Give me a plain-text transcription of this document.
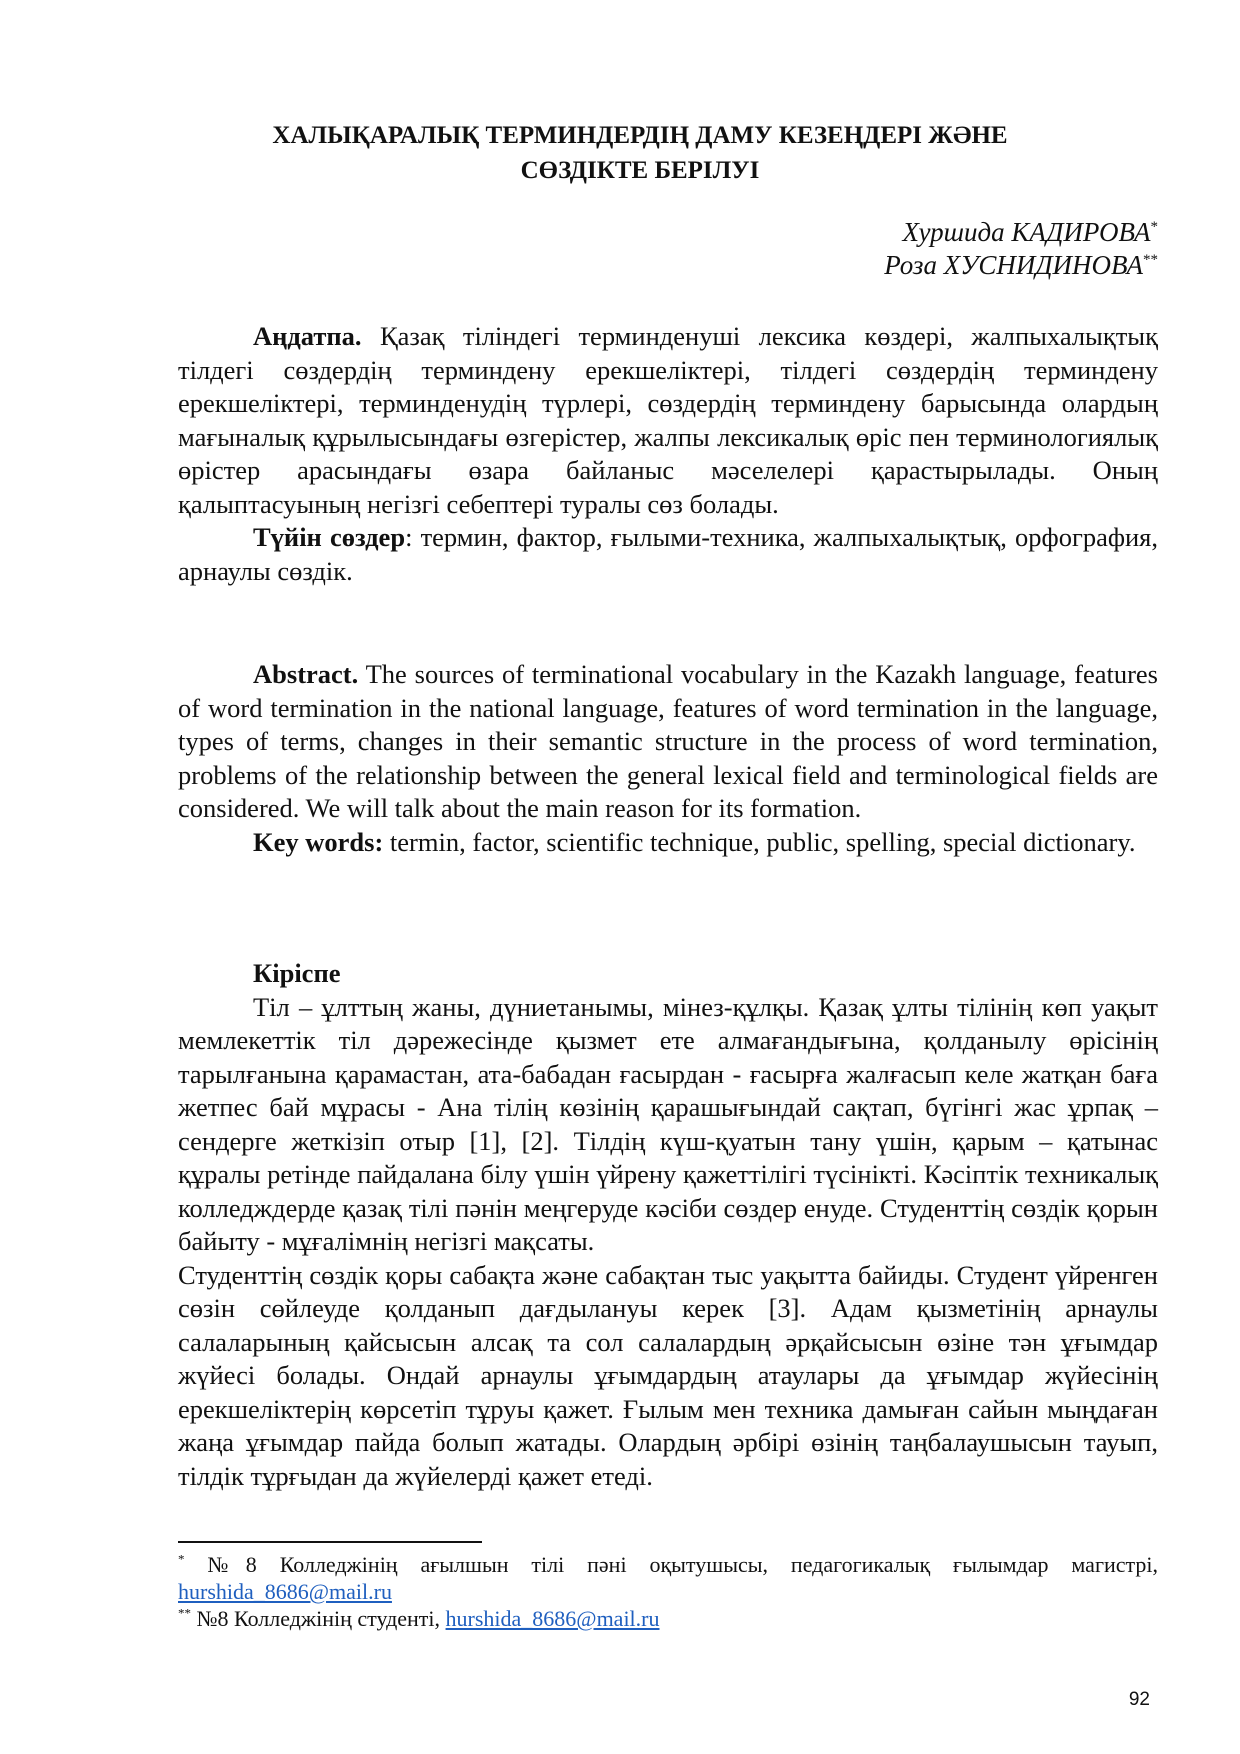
ХАЛЫҚАРАЛЫҚ ТЕРМИНДЕРДІҢ ДАМУ КЕЗЕҢДЕРІ ЖӘНЕ
СӨЗДІКТЕ БЕРІЛУІ
Хуршида КАДИРОВА*
Роза ХУСНИДИНОВА**

Аңдатпа. Қазақ тіліндегі терминденуші лексика көздері, жалпыхалықтық тілдегі сөздердің терминдену ерекшеліктері, тілдегі сөздердің терминдену ерекшеліктері, терминденудің түрлері, сөздердің терминдену барысында олардың мағыналық құрылысындағы өзгерістер, жалпы лексикалық өріс пен терминологиялық өрістер арасындағы өзара байланыс мәселелері қарастырылады. Оның қалыптасуының негізгі себептері туралы сөз болады.

Түйін сөздер: термин, фактор, ғылыми-техника, жалпыхалықтық, орфография, арнаулы сөздік.

Abstract. The sources of terminational vocabulary in the Kazakh language, features of word termination in the national language, features of word termination in the language, types of terms, changes in their semantic structure in the process of word termination, problems of the relationship between the general lexical field and terminological fields are considered. We will talk about the main reason for its formation.

Key words: termin, factor, scientific technique, public, spelling, special dictionary.

Кіріспе

Тіл – ұлттың жаны, дүниетанымы, мінез-құлқы. Қазақ ұлты тілінің көп уақыт мемлекеттік тіл дәрежесінде қызмет ете алмағандығына, қолданылу өрісінің тарылғанына қарамастан, ата-бабадан ғасырдан - ғасырға жалғасып келе жатқан баға жетпес бай мұрасы - Ана тілің көзінің қарашығындай сақтап, бүгінгі жас ұрпақ –сендерге жеткізіп отыр [1], [2]. Тілдің күш-қуатын тану үшін, қарым – қатынас құралы ретінде пайдалана білу үшін үйрену қажеттілігі түсінікті. Кәсіптік техникалық колледждерде қазақ тілі пәнін меңгеруде кәсіби сөздер енуде. Студенттің сөздік қорын байыту - мұғалімнің негізгі мақсаты.

Студенттің сөздік қоры сабақта және сабақтан тыс уақытта байиды. Студент үйренген сөзін сөйлеуде қолданып дағдылануы керек [3]. Адам қызметінің арнаулы салаларының қайсысын алсақ та сол салалардың әрқайсысын өзіне тән ұғымдар жүйесі болады. Ондай арнаулы ұғымдардың атаулары да ұғымдар жүйесінің ерекшеліктерің көрсетіп тұруы қажет. Ғылым мен техника дамыған сайын мыңдаған жаңа ұғымдар пайда болып жатады. Олардың әрбірі өзінің таңбалаушысын тауып, тілдік тұрғыдан да жүйелерді қажет етеді.

* №8 Колледжінің ағылшын тілі пәні оқытушысы, педагогикалық ғылымдар магистрі, hurshida_8686@mail.ru

** №8 Колледжінің студенті, hurshida_8686@mail.ru

92
